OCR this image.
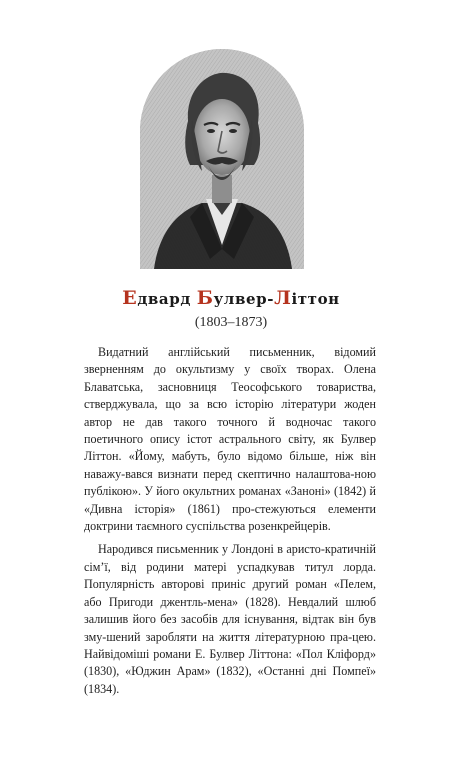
Едвард Булвер-Літтон
(1803–1873)

Видатний англійський письменник, відомий зверненням до окультизму у своїх творах. Олена Блаватська, засновниця Теософського товариства, стверджувала, що за всю історію літератури жоден автор не дав такого точного й водночас такого поетичного опису істот астрального світу, як Булвер Літтон. «Йому, мабуть, було відомо більше, ніж він наважу-вався визнати перед скептично налаштова-ною публікою». У його окультних романах «Заноні» (1842) й «Дивна історія» (1861) про-стежуються елементи доктрини таємного суспільства розенкрейцерів.

Народився письменник у Лондоні в аристо-кратичній сім’ї, від родини матері успадкував титул лорда. Популярність авторові приніс другий роман «Пелем, або Пригоди джентль-мена» (1828). Невдалий шлюб залишив його без засобів для існування, відтак він був зму-шений заробляти на життя літературною пра-цею. Найвідоміші романи Е. Булвер Літтона: «Пол Кліфорд» (1830), «Юджин Арам» (1832), «Останні дні Помпеї» (1834).
